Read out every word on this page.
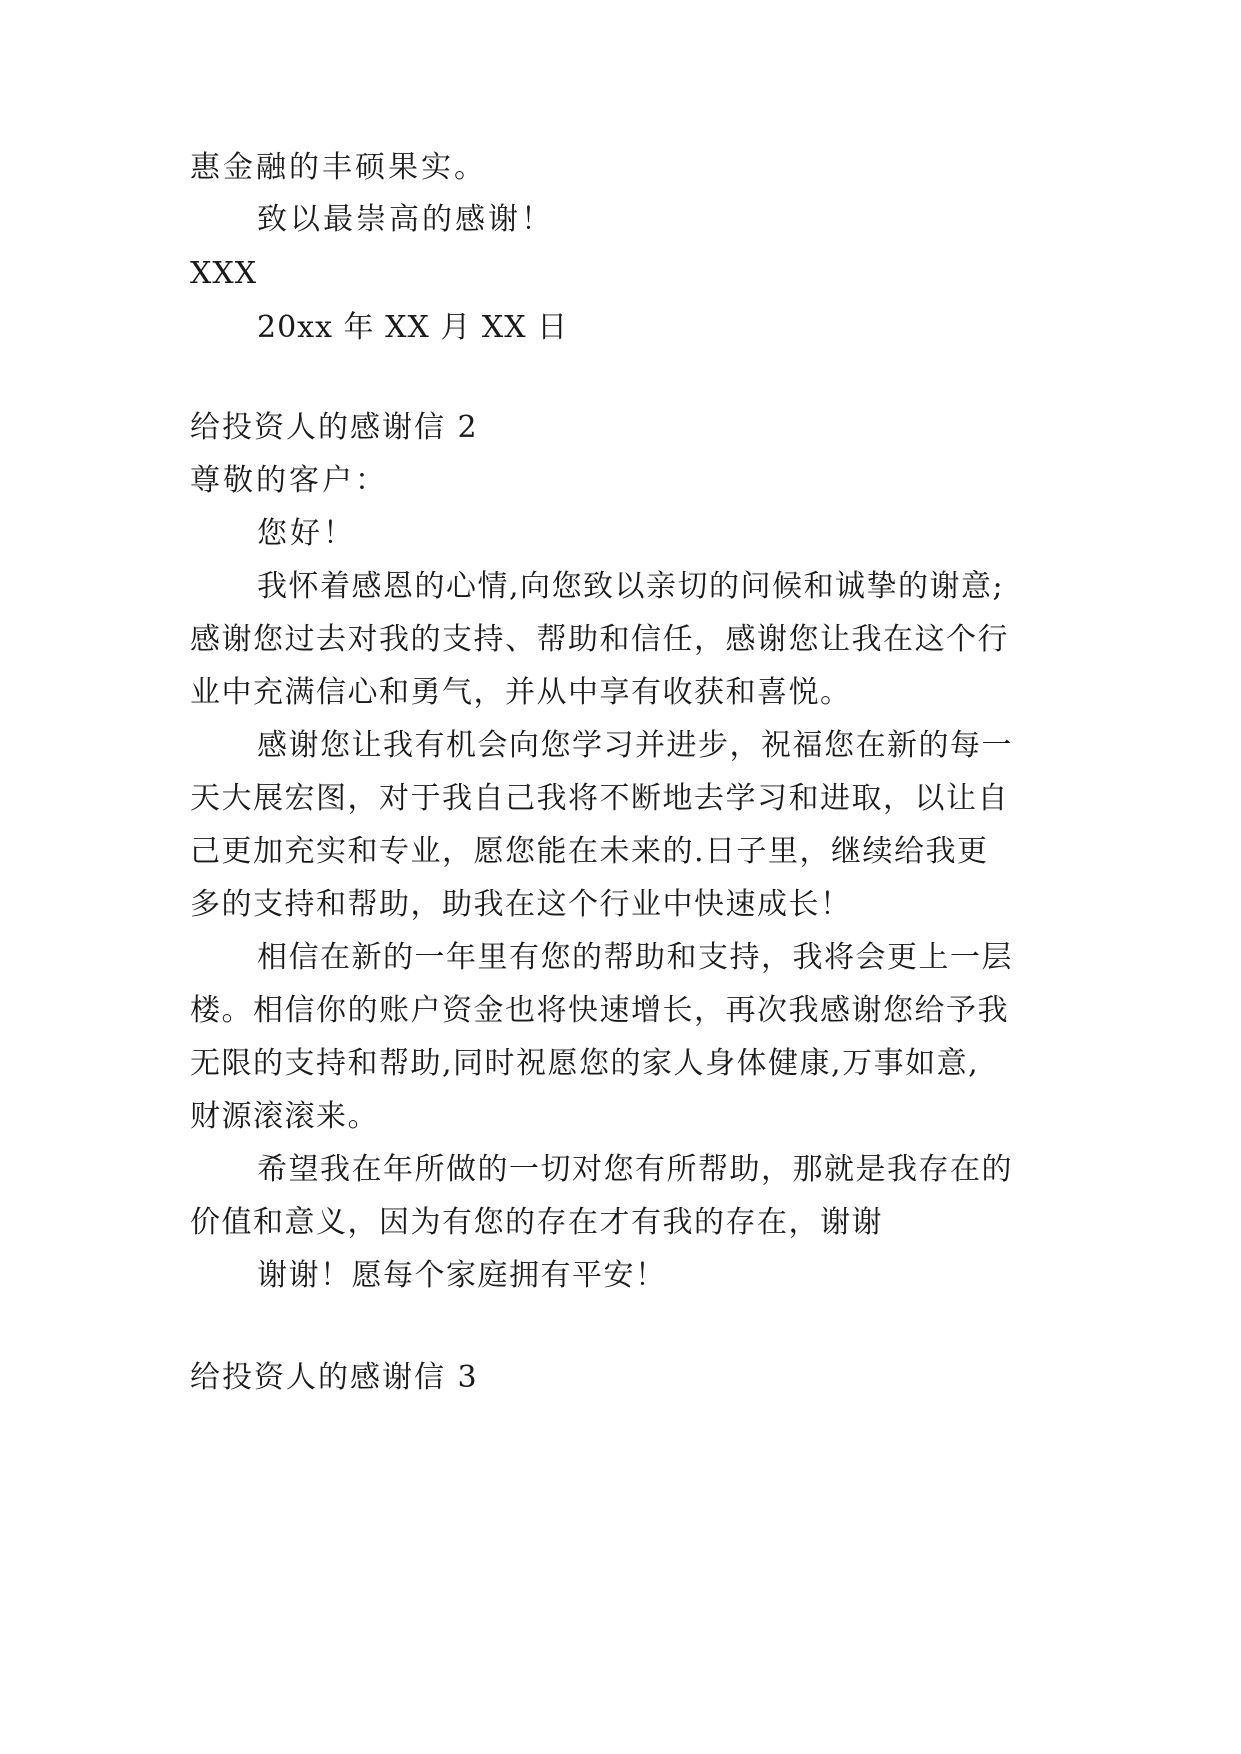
惠金融的丰硕果实。
致以最崇高的感谢！
XXX
20xx 年 XX 月 XX 日
给投资人的感谢信 2
尊敬的客户：
您好！
我怀着感恩的心情,向您致以亲切的问候和诚挚的谢意;
感谢您过去对我的支持、帮助和信任，感谢您让我在这个行
业中充满信心和勇气，并从中享有收获和喜悦。
感谢您让我有机会向您学习并进步，祝福您在新的每一
天大展宏图，对于我自己我将不断地去学习和进取，以让自
己更加充实和专业，愿您能在未来的.日子里，继续给我更
多的支持和帮助，助我在这个行业中快速成长！
相信在新的一年里有您的帮助和支持，我将会更上一层
楼。相信你的账户资金也将快速增长，再次我感谢您给予我
无限的支持和帮助,同时祝愿您的家人身体健康,万事如意,
财源滚滚来。
希望我在年所做的一切对您有所帮助，那就是我存在的
价值和意义，因为有您的存在才有我的存在，谢谢
谢谢！愿每个家庭拥有平安！
给投资人的感谢信 3
